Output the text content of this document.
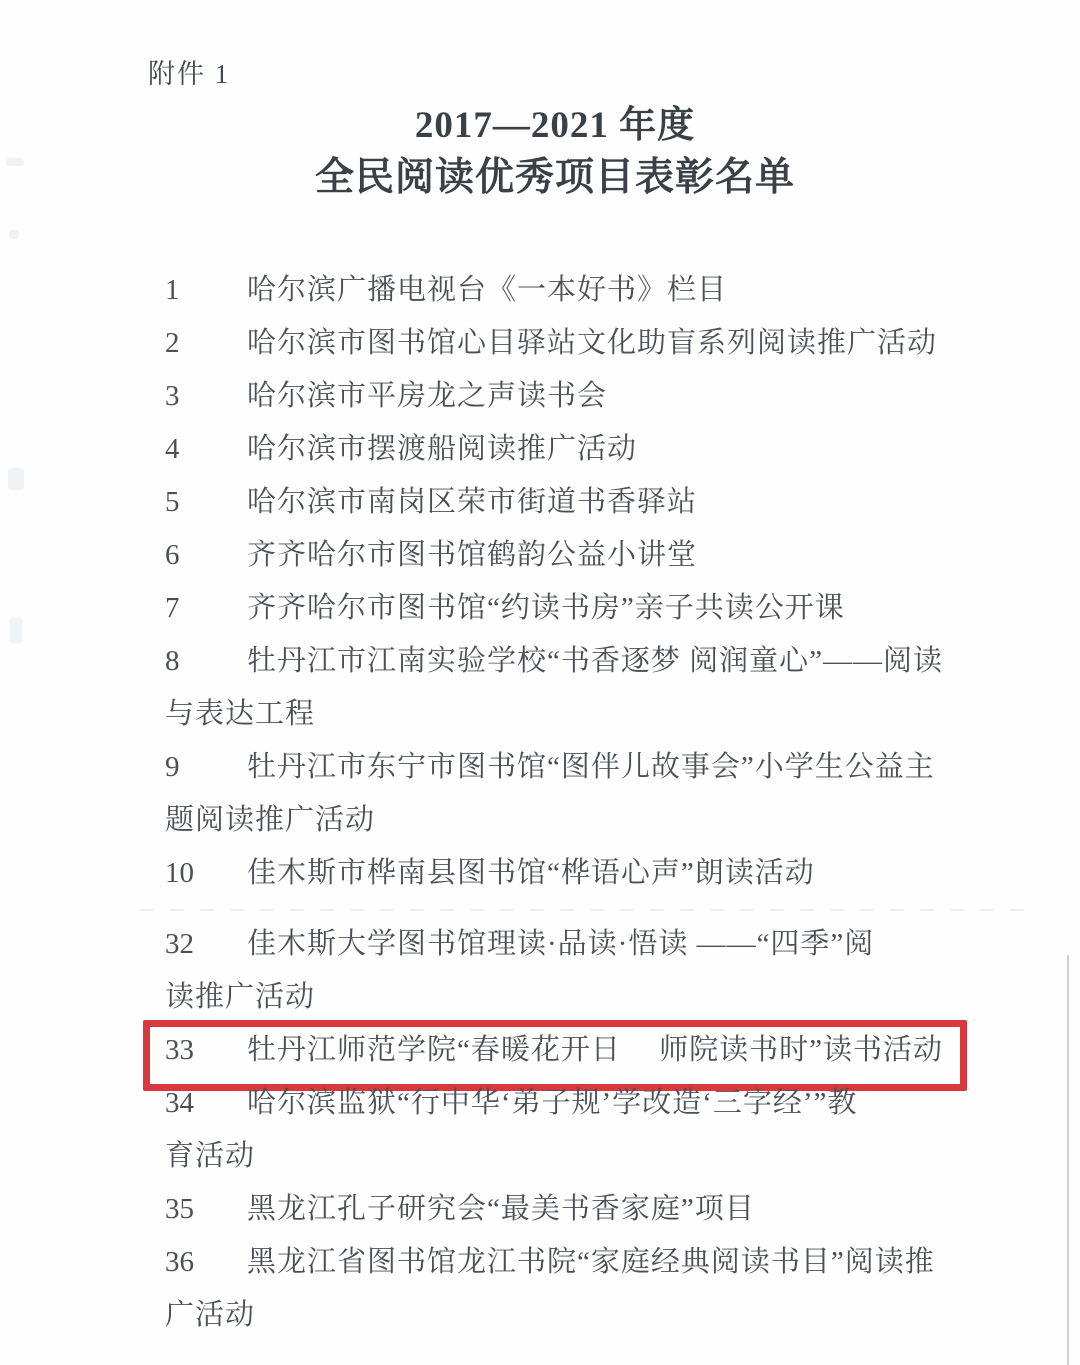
附件 1
2017—2021 年度
全民阅读优秀项目表彰名单
1 哈尔滨广播电视台《一本好书》栏目
2 哈尔滨市图书馆心目驿站文化助盲系列阅读推广活动
3 哈尔滨市平房龙之声读书会
4 哈尔滨市摆渡船阅读推广活动
5 哈尔滨市南岗区荣市街道书香驿站
6 齐齐哈尔市图书馆鹤韵公益小讲堂
7 齐齐哈尔市图书馆“约读书房”亲子共读公开课
8 牡丹江市江南实验学校“书香逐梦 阅润童心”——阅读
与表达工程
9 牡丹江市东宁市图书馆“图伴儿故事会”小学生公益主
题阅读推广活动
10 佳木斯市桦南县图书馆“桦语心声”朗读活动
32 佳木斯大学图书馆理读·品读·悟读 ——“四季”阅
读推广活动
33 牡丹江师范学院“春暖花开日　 师院读书时”读书活动
34 哈尔滨监狱“行中华‘弟子规’学改造‘三字经’”教
育活动
35 黑龙江孔子研究会“最美书香家庭”项目
36 黑龙江省图书馆龙江书院“家庭经典阅读书目”阅读推
广活动
